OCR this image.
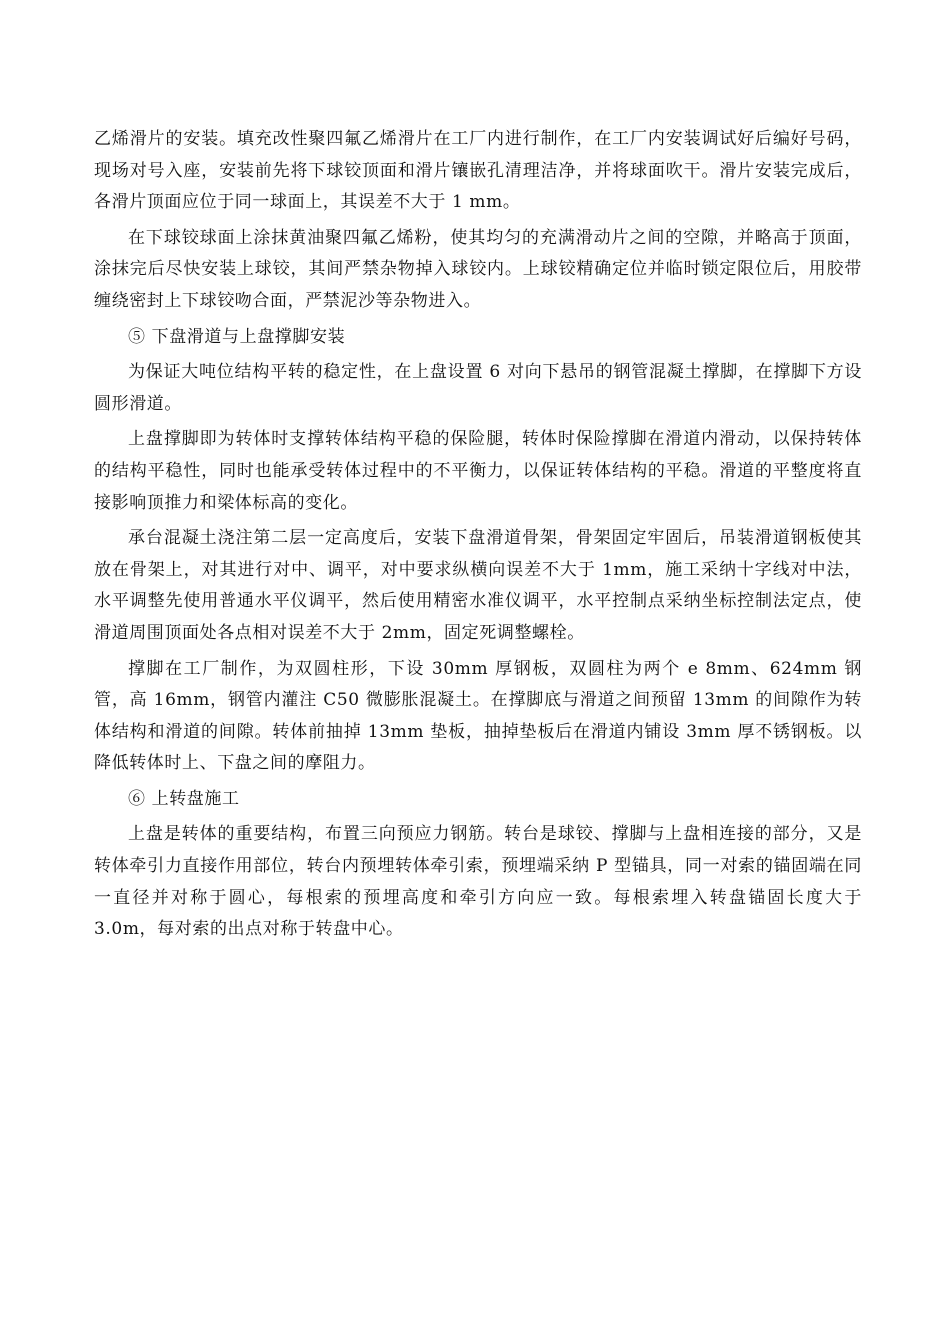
乙烯滑片的安装。填充改性聚四氟乙烯滑片在工厂内进行制作，在工厂内安装调试好后编好号码，现场对号入座，安装前先将下球铰顶面和滑片镶嵌孔清理洁净，并将球面吹干。滑片安装完成后，各滑片顶面应位于同一球面上，其误差不大于 1 mm。

在下球铰球面上涂抹黄油聚四氟乙烯粉，使其均匀的充满滑动片之间的空隙，并略高于顶面，涂抹完后尽快安装上球铰，其间严禁杂物掉入球铰内。上球铰精确定位并临时锁定限位后，用胶带缠绕密封上下球铰吻合面，严禁泥沙等杂物进入。

⑤ 下盘滑道与上盘撑脚安装

为保证大吨位结构平转的稳定性，在上盘设置 6 对向下悬吊的钢管混凝土撑脚，在撑脚下方设圆形滑道。

上盘撑脚即为转体时支撑转体结构平稳的保险腿，转体时保险撑脚在滑道内滑动，以保持转体的结构平稳性，同时也能承受转体过程中的不平衡力，以保证转体结构的平稳。滑道的平整度将直接影响顶推力和梁体标高的变化。

承台混凝土浇注第二层一定高度后，安装下盘滑道骨架，骨架固定牢固后，吊装滑道钢板使其放在骨架上，对其进行对中、调平，对中要求纵横向误差不大于 1mm，施工采纳十字线对中法，水平调整先使用普通水平仪调平，然后使用精密水准仪调平，水平控制点采纳坐标控制法定点，使滑道周围顶面处各点相对误差不大于 2mm，固定死调整螺栓。

撑脚在工厂制作，为双圆柱形，下设 30mm 厚钢板，双圆柱为两个 e 8mm、624mm 钢管，高 16mm，钢管内灌注 C50 微膨胀混凝土。在撑脚底与滑道之间预留 13mm 的间隙作为转体结构和滑道的间隙。转体前抽掉 13mm 垫板，抽掉垫板后在滑道内铺设 3mm 厚不锈钢板。以降低转体时上、下盘之间的摩阻力。

⑥ 上转盘施工

上盘是转体的重要结构，布置三向预应力钢筋。转台是球铰、撑脚与上盘相连接的部分，又是转体牵引力直接作用部位，转台内预埋转体牵引索，预埋端采纳 P 型锚具，同一对索的锚固端在同一直径并对称于圆心，每根索的预埋高度和牵引方向应一致。每根索埋入转盘锚固长度大于 3.0m，每对索的出点对称于转盘中心。
